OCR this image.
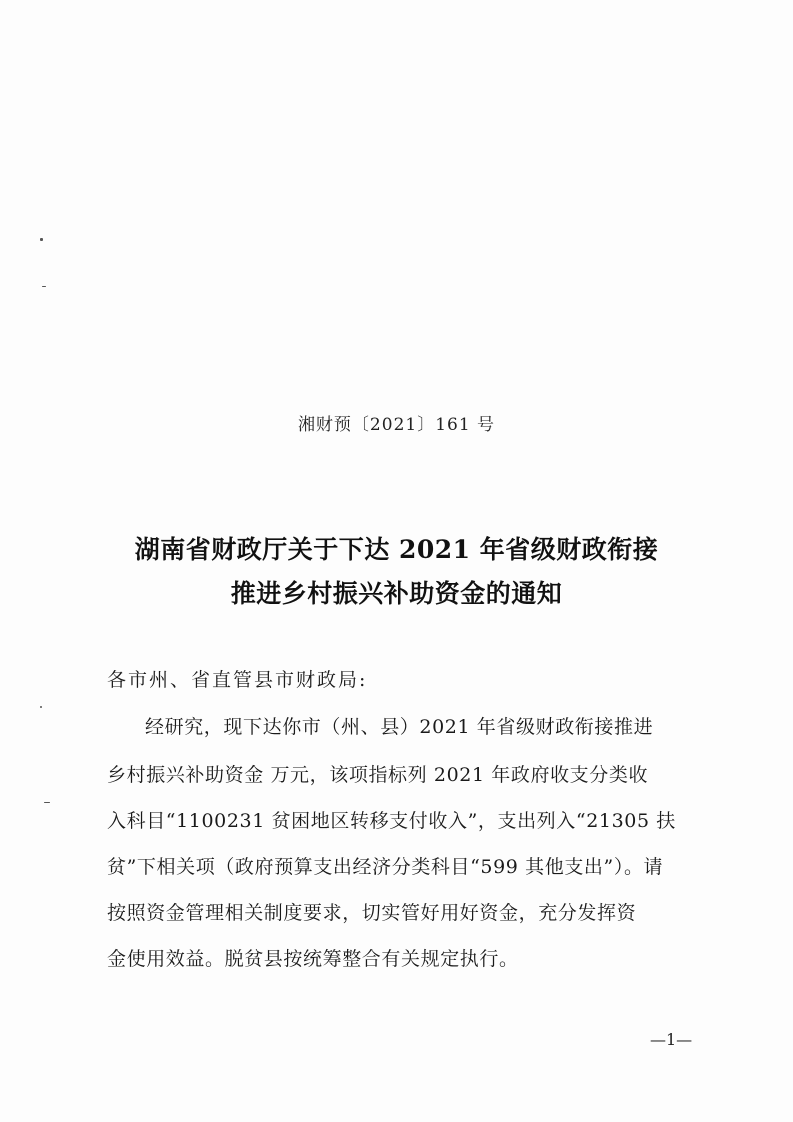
湘财预〔2021〕161 号
湖南省财政厅关于下达 2021 年省级财政衔接
推进乡村振兴补助资金的通知
各市州、省直管县市财政局:
经研究，现下达你市（州、县）2021 年省级财政衔接推进
乡村振兴补助资金 万元，该项指标列 2021 年政府收支分类收
入科目“1100231 贫困地区转移支付收入”，支出列入“21305 扶
贫”下相关项（政府预算支出经济分类科目“599 其他支出”）。请
按照资金管理相关制度要求，切实管好用好资金，充分发挥资
金使用效益。脱贫县按统筹整合有关规定执行。
—1—
